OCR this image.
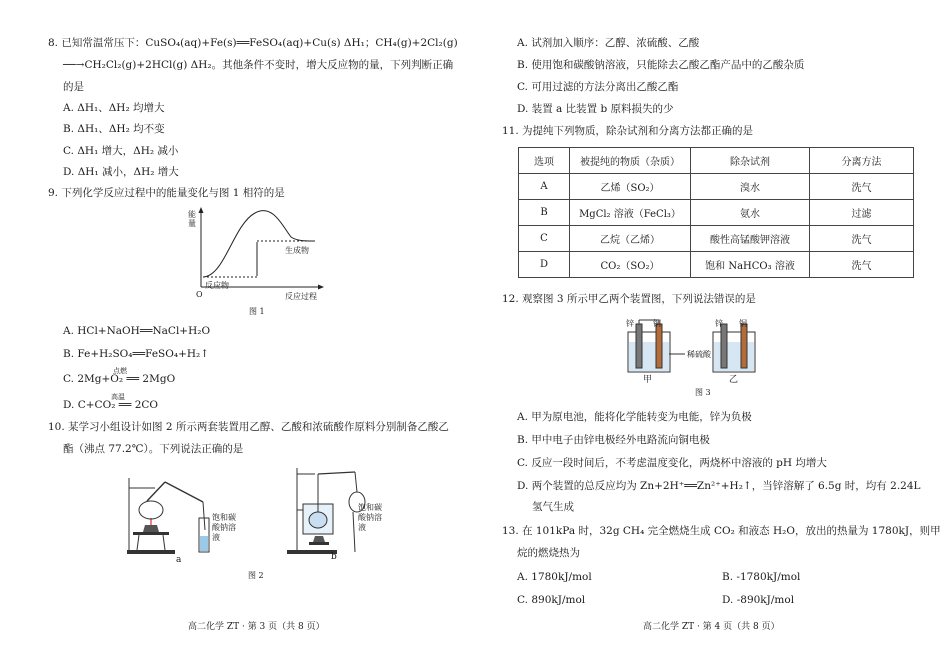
8. 已知常温常压下：CuSO₄(aq)+Fe(s)══FeSO₄(aq)+Cu(s) ΔH₁；CH₄(g)+2Cl₂(g)
──→CH₂Cl₂(g)+2HCl(g) ΔH₂。其他条件不变时，增大反应物的量，下列判断正确
的是
A. ΔH₁、ΔH₂ 均增大
B. ΔH₁、ΔH₂ 均不变
C. ΔH₁ 增大，ΔH₂ 减小
D. ΔH₁ 减小，ΔH₂ 增大
9. 下列化学反应过程中的能量变化与图 1 相符的是
能量
生成物
反应物
O	反应过程
图 1
A. HCl+NaOH══NaCl+H₂O
B. Fe+H₂SO₄══FeSO₄+H₂↑
C. 2Mg+O₂ ══ 2MgO
点燃
D. C+CO₂ ══ 2CO
高温
10. 某学习小组设计如图 2 所示两套装置用乙醇、乙酸和浓硫酸作原料分别制备乙酸乙
酯（沸点 77.2℃）。下列说法正确的是
饱和碳酸钠溶液
a
饱和碳酸钠溶液
b
图 2
高二化学 ZT · 第 3 页（共 8 页）
A. 试剂加入顺序：乙醇、浓硫酸、乙酸
B. 使用饱和碳酸钠溶液，只能除去乙酸乙酯产品中的乙酸杂质
C. 可用过滤的方法分离出乙酸乙酯
D. 装置 a 比装置 b 原料损失的少
11. 为提纯下列物质，除杂试剂和分离方法都正确的是
选项	被提纯的物质（杂质）	除杂试剂	分离方法
A	乙烯（SO₂）	溴水	洗气
B	MgCl₂ 溶液（FeCl₃）	氨水	过滤
C	乙烷（乙烯）	酸性高锰酸钾溶液	洗气
D	CO₂（SO₂）	饱和 NaHCO₃ 溶液	洗气
12. 观察图 3 所示甲乙两个装置图，下列说法错误的是
锌 铜	锌 铜
稀硫酸
甲	乙
图 3
A. 甲为原电池，能将化学能转变为电能，锌为负极
B. 甲中电子由锌电极经外电路流向铜电极
C. 反应一段时间后，不考虑温度变化，两烧杯中溶液的 pH 均增大
D. 两个装置的总反应均为 Zn+2H⁺══Zn²⁺+H₂↑，当锌溶解了 6.5g 时，均有 2.24L
氢气生成
13. 在 101kPa 时，32g CH₄ 完全燃烧生成 CO₂ 和液态 H₂O，放出的热量为 1780kJ，则甲
烷的燃烧热为
A. 1780kJ/mol	B. -1780kJ/mol
C. 890kJ/mol	D. -890kJ/mol
高二化学 ZT · 第 4 页（共 8 页）
